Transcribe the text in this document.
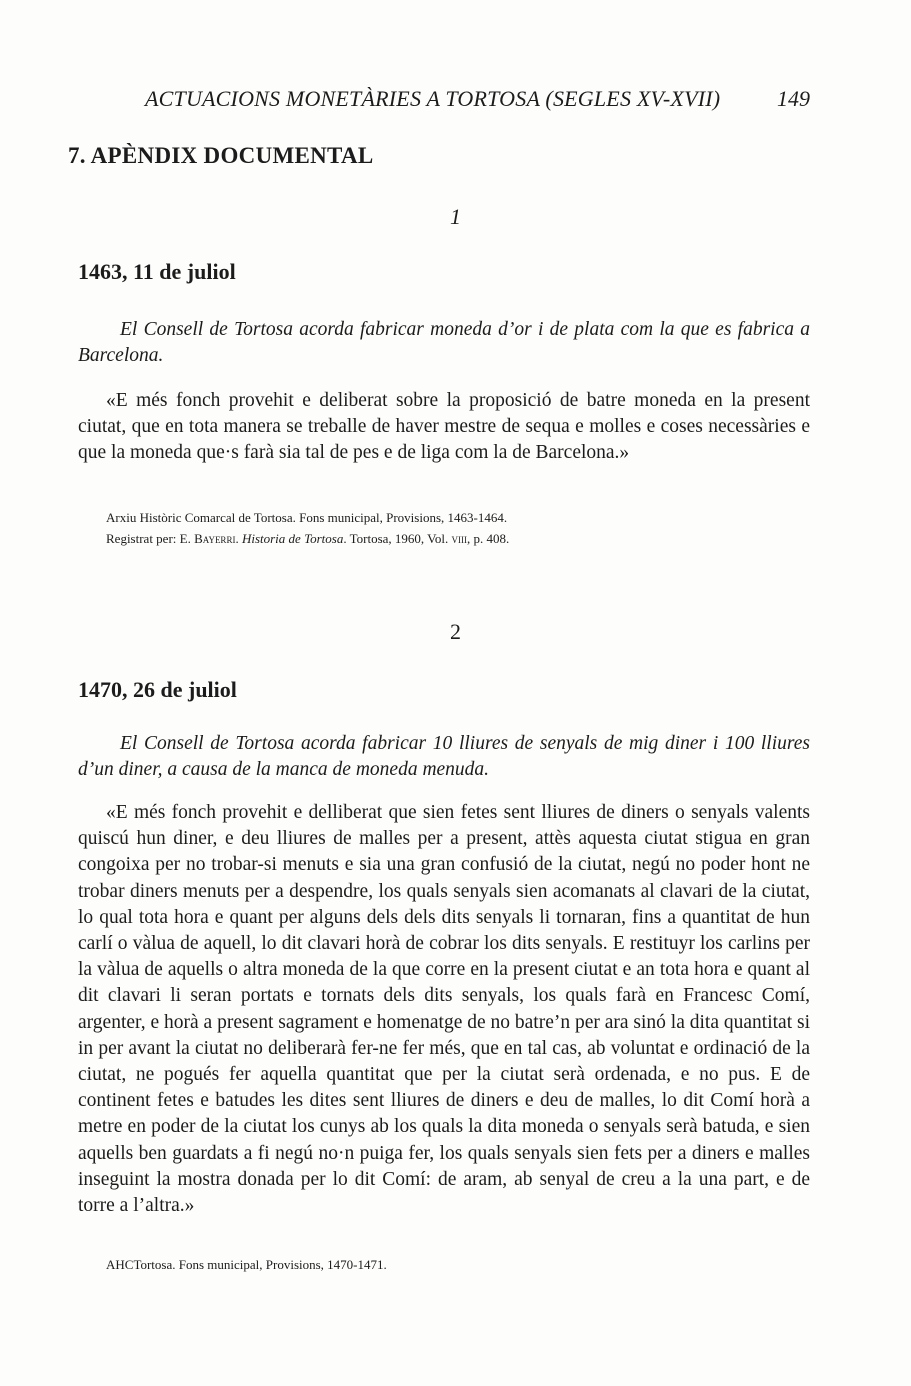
ACTUACIONS MONETÀRIES A TORTOSA (SEGLES XV-XVII)	149
7. APÈNDIX DOCUMENTAL
1
1463, 11 de juliol

El Consell de Tortosa acorda fabricar moneda d’or i de plata com la que es fabrica a Barcelona.

«E més fonch provehit e deliberat sobre la proposició de batre moneda en la present ciutat, que en tota manera se treballe de haver mestre de sequa e molles e coses necessàries e que la moneda que·s farà sia tal de pes e de liga com la de Barcelona.»

Arxiu Històric Comarcal de Tortosa. Fons municipal, Provisions, 1463-1464.
Registrat per: E. Bayerri. Historia de Tortosa. Tortosa, 1960, Vol. viii, p. 408.
2
1470, 26 de juliol

El Consell de Tortosa acorda fabricar 10 lliures de senyals de mig diner i 100 lliures d’un diner, a causa de la manca de moneda menuda.

«E més fonch provehit e delliberat que sien fetes sent lliures de diners o senyals valents quiscú hun diner, e deu lliures de malles per a present, attès aquesta ciutat stigua en gran congoixa per no trobar-si menuts e sia una gran confusió de la ciutat, negú no poder hont ne trobar diners menuts per a despendre, los quals senyals sien acomanats al clavari de la ciutat, lo qual tota hora e quant per alguns dels dels dits senyals li tornaran, fins a quantitat de hun carlí o vàlua de aquell, lo dit clavari horà de cobrar los dits senyals. E restituyr los carlins per la vàlua de aquells o altra moneda de la que corre en la present ciutat e an tota hora e quant al dit clavari li seran portats e tornats dels dits senyals, los quals farà en Francesc Comí, argenter, e horà a present sagrament e homenatge de no batre’n per ara sinó la dita quantitat si in per avant la ciutat no deliberarà fer-ne fer més, que en tal cas, ab voluntat e ordinació de la ciutat, ne pogués fer aquella quantitat que per la ciutat serà ordenada, e no pus. E de continent fetes e batudes les dites sent lliures de diners e deu de malles, lo dit Comí horà a metre en poder de la ciutat los cunys ab los quals la dita moneda o senyals serà batuda, e sien aquells ben guardats a fi negú no·n puiga fer, los quals senyals sien fets per a diners e malles inseguint la mostra donada per lo dit Comí: de aram, ab senyal de creu a la una part, e de torre a l’altra.»

AHCTortosa. Fons municipal, Provisions, 1470-1471.
